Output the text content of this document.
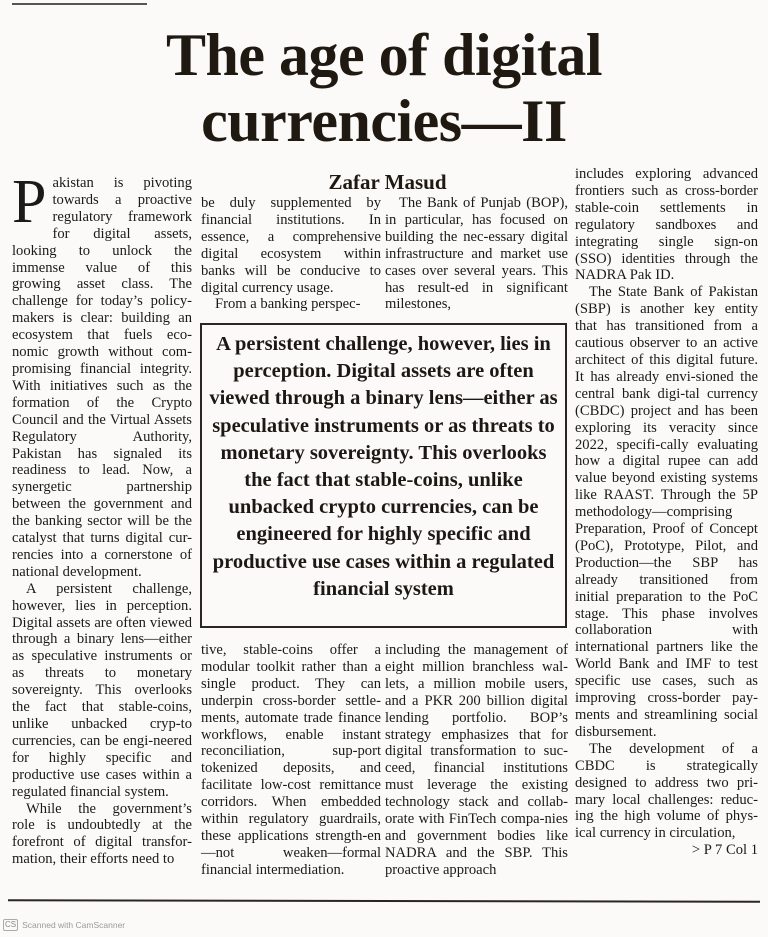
The age of digital
currencies—II
Zafar Masud

Pakistan is pivoting towards a proactive regulatory framework for digital assets, looking to unlock the immense value of this growing asset class. The challenge for today’s policy-makers is clear: building an ecosystem that fuels eco-nomic growth without com-promising financial integrity. With initiatives such as the formation of the Crypto Council and the Virtual Assets Regulatory Authority, Pakistan has signaled its readiness to lead. Now, a synergetic partnership between the government and the banking sector will be the catalyst that turns digital cur-rencies into a cornerstone of national development.

A persistent challenge, however, lies in perception. Digital assets are often viewed through a binary lens—either as speculative instruments or as threats to monetary sovereignty. This overlooks the fact that stable-coins, unlike unbacked cryp-to currencies, can be engi-neered for highly specific and productive use cases within a regulated financial system.

While the government’s role is undoubtedly at the forefront of digital transfor-mation, their efforts need to

be duly supplemented by financial institutions. In essence, a comprehensive digital ecosystem within banks will be conducive to digital currency usage.

From a banking perspec-

The Bank of Punjab (BOP), in particular, has focused on building the nec-essary digital infrastructure and market use cases over several years. This has result-ed in significant milestones,

A persistent challenge, however, lies in perception. Digital assets are often viewed through a binary lens—either as speculative instruments or as threats to monetary sovereignty. This overlooks the fact that stable-coins, unlike unbacked crypto currencies, can be engineered for highly specific and productive use cases within a regulated financial system

tive, stable-coins offer a modular toolkit rather than a single product. They can underpin cross-border settle-ments, automate trade finance workflows, enable instant reconciliation, sup-port tokenized deposits, and facilitate low-cost remittance corridors. When embedded within regulatory guardrails, these applications strength-en—not weaken—formal financial intermediation.

including the management of eight million branchless wal-lets, a million mobile users, and a PKR 200 billion digital lending portfolio. BOP’s strategy emphasizes that for digital transformation to suc-ceed, financial institutions must leverage the existing technology stack and collab-orate with FinTech compa-nies and government bodies like NADRA and the SBP. This proactive approach

includes exploring advanced frontiers such as cross-border stable-coin settlements in regulatory sandboxes and integrating single sign-on (SSO) identities through the NADRA Pak ID.

The State Bank of Pakistan (SBP) is another key entity that has transitioned from a cautious observer to an active architect of this digital future. It has already envi-sioned the central bank digi-tal currency (CBDC) project and has been exploring its veracity since 2022, specifi-cally evaluating how a digital rupee can add value beyond existing systems like RAAST. Through the 5P methodology—comprising Preparation, Proof of Concept (PoC), Prototype, Pilot, and Production—the SBP has already transitioned from initial preparation to the PoC stage. This phase involves collaboration with international partners like the World Bank and IMF to test specific use cases, such as improving cross-border pay-ments and streamlining social disbursement.

The development of a CBDC is strategically designed to address two pri-mary local challenges: reduc-ing the high volume of phys-ical currency in circulation,

> P 7 Col 1
CS Scanned with CamScanner
